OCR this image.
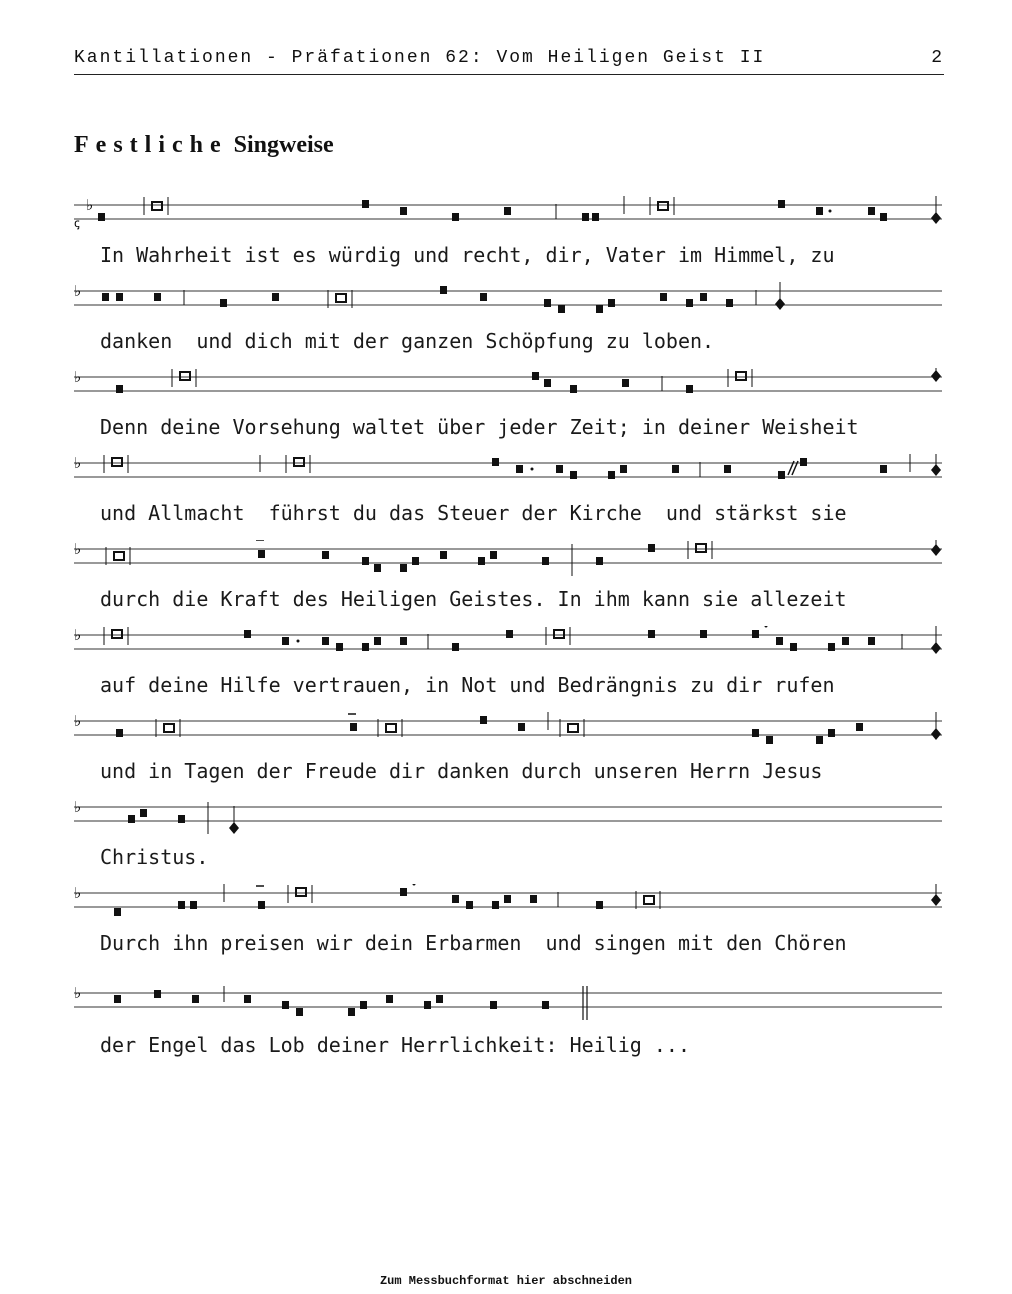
Kantillationen - Präfationen 62: Vom Heiligen Geist II	2
Festliche Singweise
♭
ꞔ
In Wahrheit ist es würdig und recht, dir, Vater im Himmel, zu
♭
danken  und dich mit der ganzen Schöpfung zu loben.
♭
Denn deine Vorsehung waltet über jeder Zeit; in deiner Weisheit
♭
und Allmacht  führst du das Steuer der Kirche  und stärkst sie
♭
durch die Kraft des Heiligen Geistes. In ihm kann sie allezeit
♭
auf deine Hilfe vertrauen, in Not und Bedrängnis zu dir rufen
♭
und in Tagen der Freude dir danken durch unseren Herrn Jesus
♭
Christus.
♭
Durch ihn preisen wir dein Erbarmen  und singen mit den Chören
♭
der Engel das Lob deiner Herrlichkeit: Heilig ...
Zum Messbuchformat hier abschneiden
